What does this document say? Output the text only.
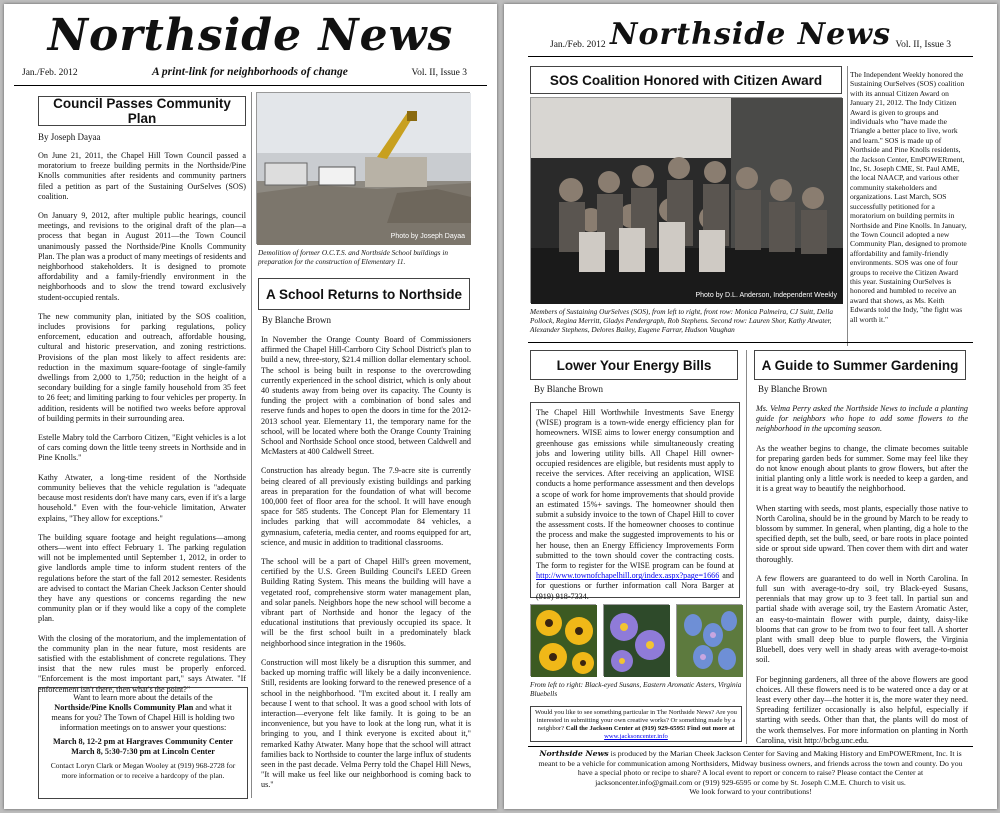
Northside News
Jan./Feb. 2012	A print-link for neighborhoods of change	Vol. II, Issue 3
Council Passes Community Plan
By Joseph Dayaa

On June 21, 2011, the Chapel Hill Town Council passed a moratorium to freeze building permits in the Northside/Pine Knolls communities after residents and community partners filed a petition as part of the Sustaining OurSelves (SOS) coalition.

On January 9, 2012, after multiple public hearings, council meetings, and revisions to the original draft of the plan—a process that began in August 2011—the Town Council unanimously passed the Northside/Pine Knolls Community Plan. The plan was a product of many meetings of residents and neighborhood stakeholders. It is designed to promote affordability and a family-friendly environment in the neighborhoods and to slow the trend toward exclusively student-occupied rentals.

The new community plan, initiated by the SOS coalition, includes provisions for parking regulations, policy enforcement, education and outreach, affordable housing, cultural and historic preservation, and zoning restrictions. Provisions of the plan most likely to affect residents are: reduction in the maximum square-footage of single-family dwellings from 2,000 to 1,750; reduction in the height of a secondary building for a single family household from 35 feet to 26 feet; and limiting parking to four vehicles per property. In addition, residents will be notified two weeks before approval of building permits in their surrounding area.

Estelle Mabry told the Carrboro Citizen, "Eight vehicles is a lot of cars coming down the little teeny streets in Northside and in Pine Knolls."

Kathy Atwater, a long-time resident of the Northside community believes that the vehicle regulation is "adequate because most residents don't have many cars, even if it's a large household." Even with the four-vehicle limitation, Atwater explains, "They allow for exceptions."

The building square footage and height regulations—among others—went into effect February 1. The parking regulation will not be implemented until September 1, 2012, in order to give landlords ample time to inform student renters of the regulations before the start of the fall 2012 semester. Residents are advised to contact the Marian Cheek Jackson Center should they have any questions or concerns regarding the new community plan or if they would like a copy of the complete plan.

With the closing of the moratorium, and the implementation of the community plan in the near future, most residents are satisfied with the establishment of concrete regulations. They insist that the new rules must be properly enforced. "Enforcement is the most important part," says Atwater. "If enforcement isn't there, then what's the point?"

Want to learn more about the details of the
Northside/Pine Knolls Community Plan and what it means for you? The Town of Chapel Hill is holding two information meetings on to answer your questions:
March 8, 12-2 pm at Hargraves Community Center
March 8, 5:30-7:30 pm at Lincoln Center
Contact Loryn Clark or Megan Wooley at (919) 968-2728 for more information or to receive a hardcopy of the plan.
Photo by Joseph Dayaa
Demolition of former O.C.T.S. and Northside School buildings in preparation for the construction of Elementary 11.
A School Returns to Northside
By Blanche Brown

In November the Orange County Board of Commissioners affirmed the Chapel Hill-Carrboro City School District's plan to build a new, three-story, $21.4 million dollar elementary school. The school is being built in response to the overcrowding currently experienced in the school district, which is only about 40 students away from being over its capacity. The County is funding the project with a combination of bond sales and reserve funds and hopes to open the doors in time for the 2012-2013 school year. Elementary 11, the temporary name for the school, will be located where both the Orange County Training School and Northside School once stood, between Caldwell and McMasters at 400 Caldwell Street.

Construction has already begun. The 7.9-acre site is currently being cleared of all previously existing buildings and parking areas in preparation for the foundation of what will become 100,000 feet of floor area for the school. It will have enough space for 585 students. The Concept Plan for Elementary 11 includes parking that will accommodate 84 vehicles, a gymnasium, cafeteria, media center, and rooms equipped for art, science, and music in addition to traditional classrooms.

The school will be a part of Chapel Hill's green movement, certified by the U.S. Green Building Council's LEED Green Building Rating System. This means the building will have a vegetated roof, comprehensive storm water management plan, and solar panels. Neighbors hope the new school will become a vibrant part of Northside and honor the legacy of the educational institutions that previously occupied its space. It will be the first school built in a predominately black neighborhood since integration in the 1960s.

Construction will most likely be a disruption this summer, and backed up morning traffic will likely be a daily inconvenience. Still, residents are looking forward to the renewed presence of a school in the neighborhood. "I'm excited about it. I really am because I went to that school. It was a good school with lots of interaction—everyone felt like family. It is going to be an inconvenience, but you have to look at the long run, what it is bringing to you, and I think everyone is excited about it," remarked Kathy Atwater. Many hope that the school will attract families back to Northside to counter the large influx of students seen in the past decade. Velma Perry told the Chapel Hill News, "It will make us feel like our neighborhood is coming back to us."

Northside News
Jan./Feb. 2012	Vol. II, Issue 3
SOS Coalition Honored with Citizen Award
Photo by D.L. Anderson, Independent Weekly
Members of Sustaining OurSelves (SOS), from left to right, front row: Monica Palmeira, CJ Suitt, Della Pollock, Regina Merritt, Gladys Pendergraph, Rob Stephens. Second row: Lauren Shor, Kathy Atwater, Alexander Stephens, Delores Bailey, Eugene Farrar, Hudson Vaughan
The Independent Weekly honored the Sustaining OurSelves (SOS) coalition with its annual Citizen Award on January 21, 2012. The Indy Citizen Award is given to groups and individuals who "have made the Triangle a better place to live, work and learn." SOS is made up of Northside and Pine Knolls residents, the Jackson Center, EmPOWERment, Inc, St. Joseph CME, St. Paul AME, the local NAACP, and various other community stakeholders and organizations. Last March, SOS successfully petitioned for a moratorium on building permits in Northside and Pine Knolls. In January, the Town Council adopted a new Community Plan, designed to promote affordability and family-friendly environments. SOS was one of four groups to receive the Citizen Award this year. Sustaining OurSelves is honored and humbled to receive an award that shows, as Ms. Keith Edwards told the Indy, "the fight was all worth it."
Lower Your Energy Bills
By Blanche Brown
The Chapel Hill Worthwhile Investments Save Energy (WISE) program is a town-wide energy efficiency plan for homeowners. WISE aims to lower energy consumption and greenhouse gas emissions while simultaneously creating jobs and lowering utility bills. All Chapel Hill owner-occupied residences are eligible, but residents must apply to receive the services. After receiving an application, WISE conducts a home performance assessment and then develops a scope of work for home improvements that should provide an estimated 15%+ savings. The homeowner should then submit a subsidy invoice to the town of Chapel Hill to cover the assessment costs. If the homeowner chooses to continue the process and make the suggested improvements to his or her house, then an Energy Efficiency Improvements Form submitted to the town should cover the contracting costs. The form to register for the WISE program can be found at http://www.townofchapelhill.org/index.aspx?page=1666 and for questions or further information call Nora Barger at (919) 918-7334.
From left to right: Black-eyed Susans, Eastern Aromatic Asters, Virginia Bluebells
Would you like to see something particular in The Northside News? Are you interested in submitting your own creative works? Or something made by a neighbor? Call the Jackson Center at (919) 929-6595! Find out more at www.jacksoncenter.info
A Guide to Summer Gardening
By Blanche Brown

Ms. Velma Perry asked the Northside News to include a planting guide for neighbors who hope to add some flowers to the neighborhood in the upcoming season.

As the weather begins to change, the climate becomes suitable for preparing garden beds for summer. Some may feel like they do not know enough about plants to grow flowers, but after the initial planting only a little work is needed to keep a garden, and it is a great way to beautify the neighborhood.

When starting with seeds, most plants, especially those native to North Carolina, should be in the ground by March to be ready to blossom by summer. In general, when planting, dig a hole to the specified depth, set the bulb, seed, or bare roots in place pointed side or sprout side upward. Then cover them with dirt and water thoroughly.

A few flowers are guaranteed to do well in North Carolina. In full sun with average-to-dry soil, try Black-eyed Susans, perennials that may grow up to 3 feet tall. In partial sun and partial shade with average soil, try the Eastern Aromatic Aster, an easy-to-maintain flower with purple, dainty, daisy-like blooms that can grow to be from two to four feet tall. A shorter plant with small deep blue to purple flowers, the Virginia Bluebell, does very well in shady areas with average-to-moist soil.

For beginning gardeners, all three of the above flowers are good choices. All these flowers need is to be watered once a day or at least every other day—the hotter it is, the more water they need. Spreading fertilizer occasionally is also helpful, especially if starting with seeds. Other than that, the plants will do most of the work themselves. For more information on planting in North Carolina, visit http://bcbg.unc.edu.

Northside News is produced by the Marian Cheek Jackson Center for Saving and Making History and EmPOWERment, Inc. It is meant to be a vehicle for communication among Northsiders, Midway business owners, and friends across the town and county. Do you have a special photo or recipe to share? A local event to report or concern to raise? Please contact the Center at jacksoncenter.info@gmail.com or (919) 929-6595 or come by St. Joseph C.M.E. Church to visit us.
We look forward to your contributions!
